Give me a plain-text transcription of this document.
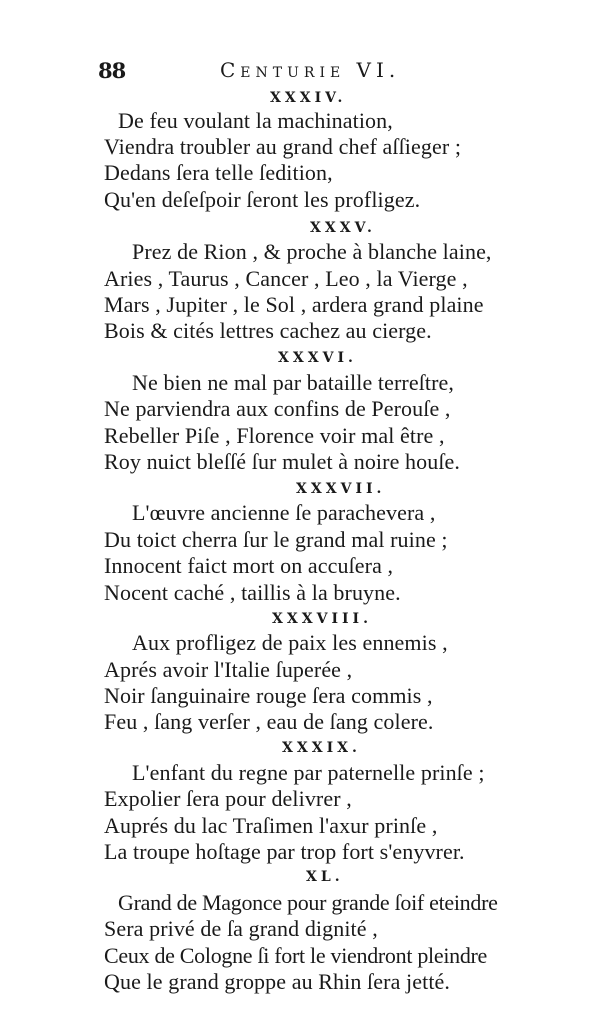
88	Centurie VI.
XXXIV.
De feu voulant la machination,
Viendra troubler au grand chef aſſieger ;
Dedans ſera telle ſedition,
Qu'en deſeſpoir ſeront les profligez.
XXXV.
Prez de Rion , & proche à blanche laine,
Aries , Taurus , Cancer , Leo , la Vierge ,
Mars , Jupiter , le Sol , ardera grand plaine
Bois & cités lettres cachez au cierge.
XXXVI.
Ne bien ne mal par bataille terreſtre,
Ne parviendra aux confins de Perouſe ,
Rebeller Piſe , Florence voir mal être ,
Roy nuict bleſſé ſur mulet à noire houſe.
XXXVII.
L'œuvre ancienne ſe parachevera ,
Du toict cherra ſur le grand mal ruine ;
Innocent faict mort on accuſera ,
Nocent caché , taillis à la bruyne.
XXXVIII.
Aux profligez de paix les ennemis ,
Aprés avoir l'Italie ſuperée ,
Noir ſanguinaire rouge ſera commis ,
Feu , ſang verſer , eau de ſang colere.
XXXIX.
L'enfant du regne par paternelle prinſe ;
Expolier ſera pour delivrer ,
Auprés du lac Traſimen l'axur prinſe ,
La troupe hoſtage par trop fort s'enyvrer.
XL.
Grand de Magonce pour grande ſoif eteindre
Sera privé de ſa grand dignité ,
Ceux de Cologne ſi fort le viendront pleindre
Que le grand groppe au Rhin ſera jetté.
